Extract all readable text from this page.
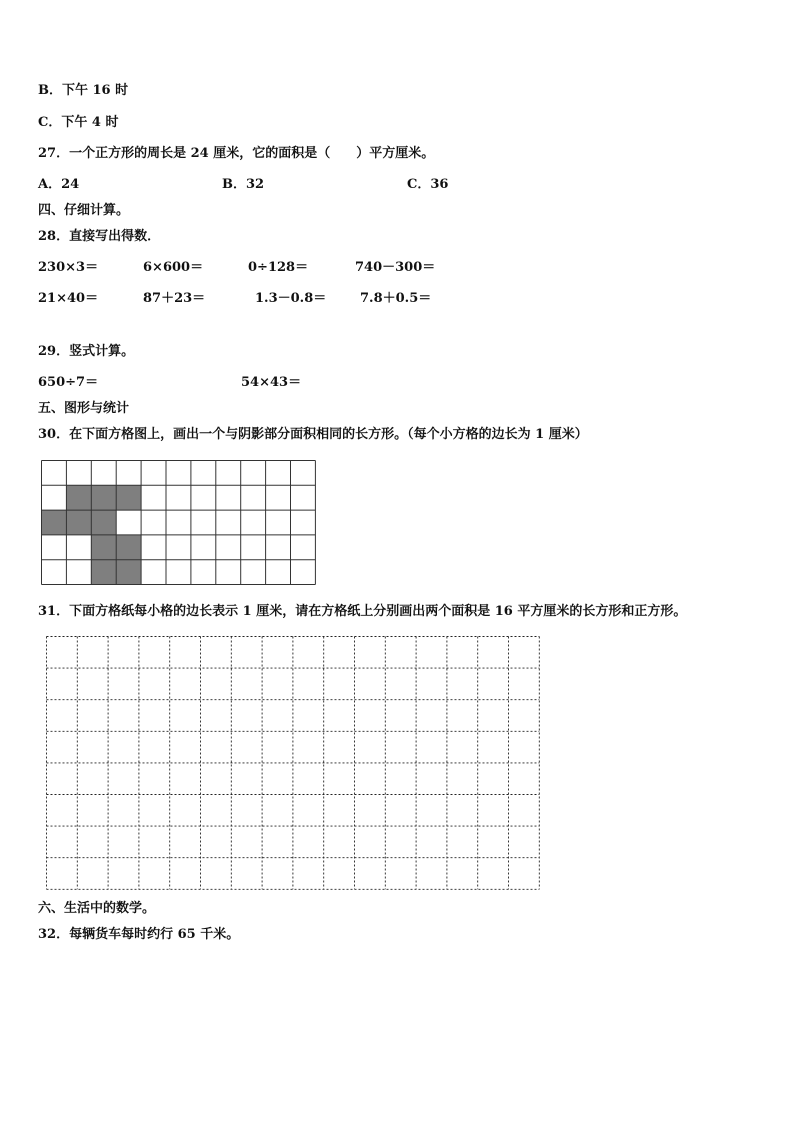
B．下午 16 时
C．下午 4 时
27．一个正方形的周长是 24 厘米，它的面积是（　　）平方厘米。
A．24	B．32	C．36
四、仔细计算。
28．直接写出得数．
230×3＝	6×600＝	0÷128＝	740－300＝
21×40＝	87＋23＝	1.3－0.8＝	7.8＋0.5＝
29．竖式计算。
650÷7＝	54×43＝
五、图形与统计
30．在下面方格图上，画出一个与阴影部分面积相同的长方形。（每个小方格的边长为 1 厘米）
31．下面方格纸每小格的边长表示 1 厘米，请在方格纸上分别画出两个面积是 16 平方厘米的长方形和正方形。
六、生活中的数学。
32．每辆货车每时约行 65 千米。
